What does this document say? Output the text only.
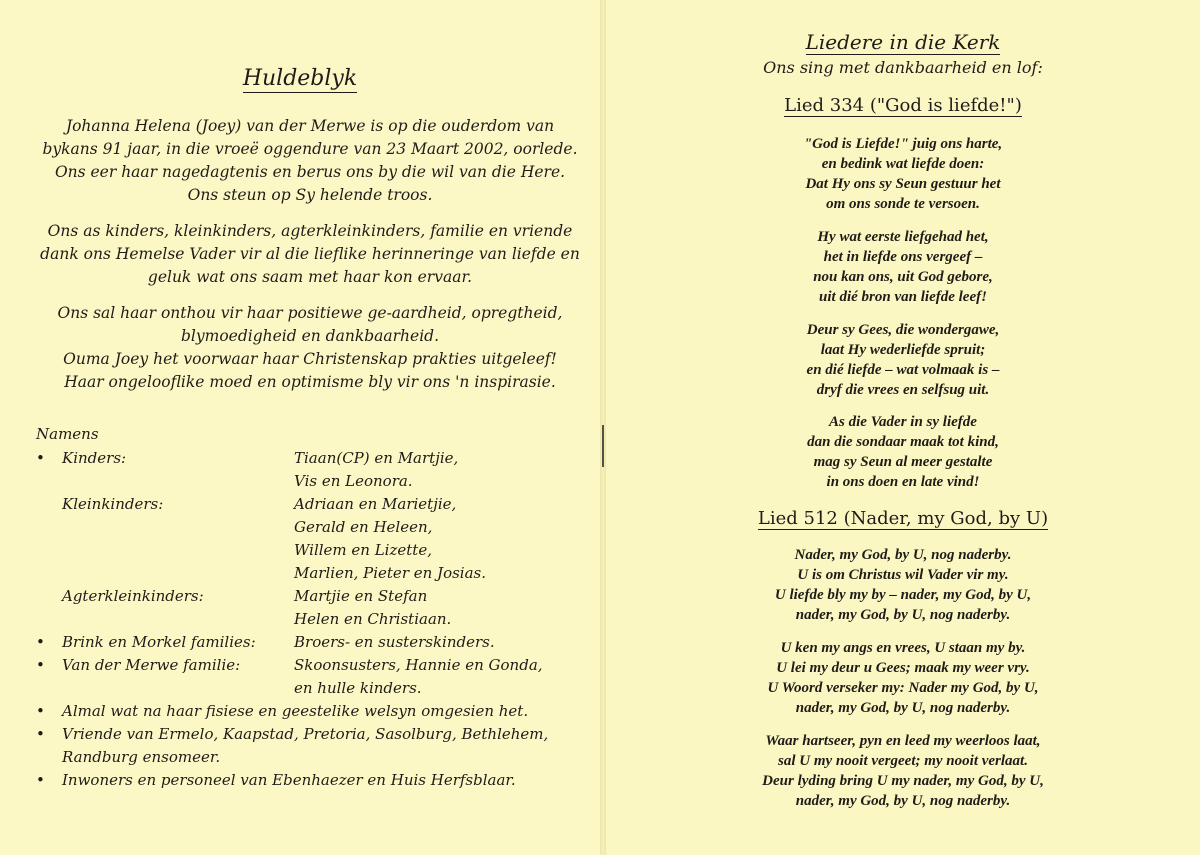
Huldeblyk
Johanna Helena (Joey) van der Merwe is op die ouderdom van
bykans 91 jaar, in die vroeë oggendure van 23 Maart 2002, oorlede.
Ons eer haar nagedagtenis en berus ons by die wil van die Here.
Ons steun op Sy helende troos.
Ons as kinders, kleinkinders, agterkleinkinders, familie en vriende
dank ons Hemelse Vader vir al die lieflike herinneringe van liefde en
geluk wat ons saam met haar kon ervaar.
Ons sal haar onthou vir haar positiewe ge-aardheid, opregtheid,
blymoedigheid en dankbaarheid.
Ouma Joey het voorwaar haar Christenskap prakties uitgeleef!
Haar ongelooflike moed en optimisme bly vir ons 'n inspirasie.

Namens

•	Kinders:	Tiaan(CP) en Martjie,
Vis en Leonora.
Kleinkinders:	Adriaan en Marietjie,
Gerald en Heleen,
Willem en Lizette,
Marlien, Pieter en Josias.
Agterkleinkinders:	Martjie en Stefan
Helen en Christiaan.
•	Brink en Morkel families:	Broers- en susterskinders.
•	Van der Merwe familie:	Skoonsusters, Hannie en Gonda,
en hulle kinders.
•	Almal wat na haar fisiese en geestelike welsyn omgesien het.
•	Vriende van Ermelo, Kaapstad, Pretoria, Sasolburg, Bethlehem,
Randburg ensomeer.
•	Inwoners en personeel van Ebenhaezer en Huis Herfsblaar.
Liedere in die Kerk

Ons sing met dankbaarheid en lof:

Lied 334 ("God is liefde!")
"God is Liefde!" juig ons harte,
en bedink wat liefde doen:
Dat Hy ons sy Seun gestuur het
om ons sonde te versoen.
Hy wat eerste liefgehad het,
het in liefde ons vergeef –
nou kan ons, uit God gebore,
uit dié bron van liefde leef!
Deur sy Gees, die wondergawe,
laat Hy wederliefde spruit;
en dié liefde – wat volmaak is –
dryf die vrees en selfsug uit.
As die Vader in sy liefde
dan die sondaar maak tot kind,
mag sy Seun al meer gestalte
in ons doen en late vind!
Lied 512 (Nader, my God, by U)
Nader, my God, by U, nog naderby.
U is om Christus wil Vader vir my.
U liefde bly my by – nader, my God, by U,
nader, my God, by U, nog naderby.
U ken my angs en vrees, U staan my by.
U lei my deur u Gees; maak my weer vry.
U Woord verseker my: Nader my God, by U,
nader, my God, by U, nog naderby.
Waar hartseer, pyn en leed my weerloos laat,
sal U my nooit vergeet; my nooit verlaat.
Deur lyding bring U my nader, my God, by U,
nader, my God, by U, nog naderby.
